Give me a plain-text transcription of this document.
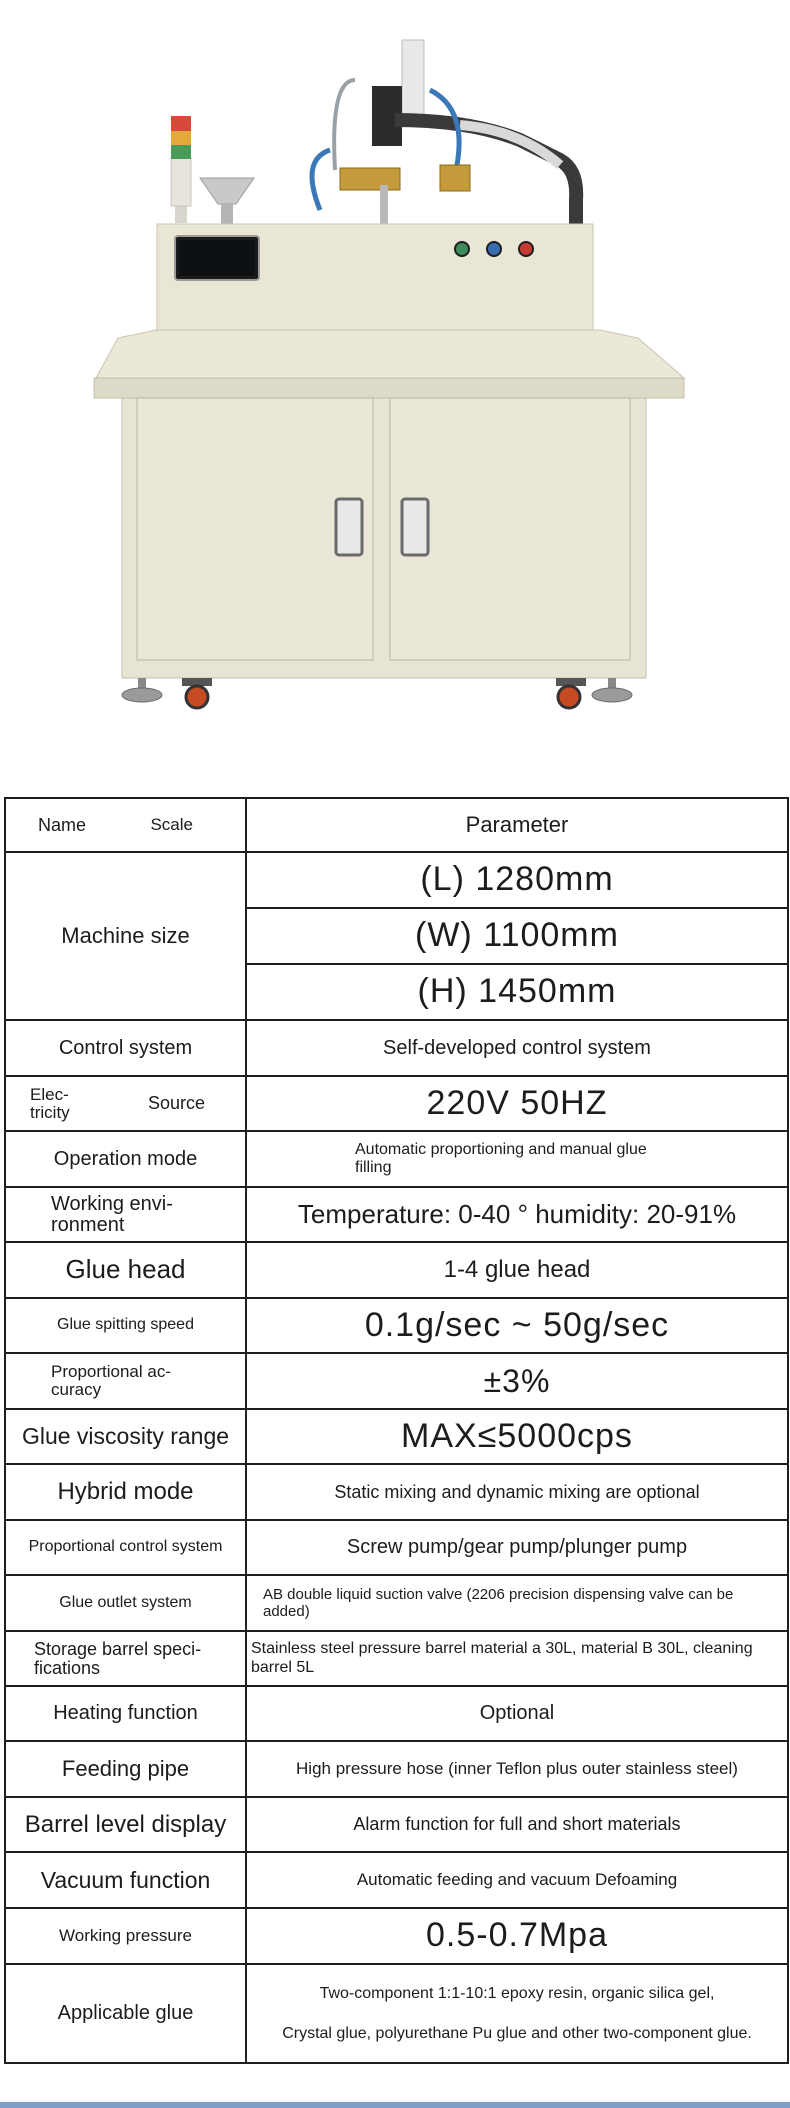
Name Scale	Parameter
Machine size	(L) 1280mm
	(W) 1100mm
	(H) 1450mm
Control system	Self-developed control system

Elec-
tricity Source	220V 50HZ
Operation mode	Automatic proportioning and manual glue
filling
Working envi-
ronment	Temperature: 0-40 ° humidity: 20-91%
Glue head	1-4 glue head
Glue spitting speed	0.1g/sec ~ 50g/sec
Proportional ac-
curacy	±3%
Glue viscosity range	MAX≤5000cps
Hybrid mode	Static mixing and dynamic mixing are optional
Proportional control system	Screw pump/gear pump/plunger pump
Glue outlet system	AB double liquid suction valve (2206 precision dispensing valve can be
added)
Storage barrel speci-
fications	Stainless steel pressure barrel material a 30L, material B 30L, cleaning
barrel 5L
Heating function	Optional
Feeding pipe	High pressure hose (inner Teflon plus outer stainless steel)
Barrel level display	Alarm function for full and short materials
Vacuum function	Automatic feeding and vacuum Defoaming
Working pressure	0.5-0.7Mpa
Applicable glue	Two-component 1:1-10:1 epoxy resin, organic silica gel,
Crystal glue, polyurethane Pu glue and other two-component glue.
